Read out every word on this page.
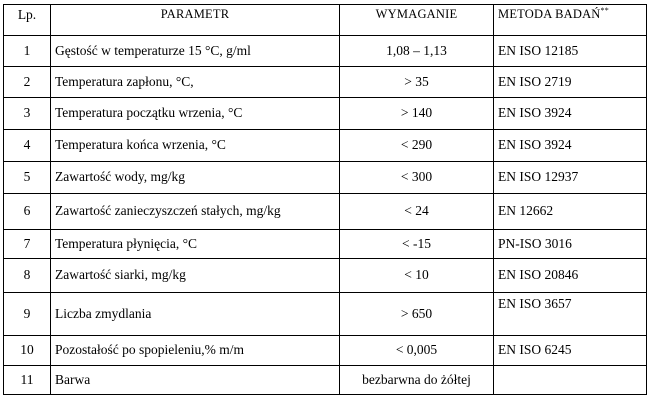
Lp.	PARAMETR	WYMAGANIE	METODA BADAŃ**
1	Gęstość w temperaturze 15 °C, g/ml	1,08 – 1,13	EN ISO 12185
2	Temperatura zapłonu, °C,	> 35	EN ISO 2719
3	Temperatura początku wrzenia, °C	> 140	EN ISO 3924
4	Temperatura końca wrzenia, °C	< 290	EN ISO 3924
5	Zawartość wody, mg/kg	< 300	EN ISO 12937
6	Zawartość zanieczyszczeń stałych, mg/kg	< 24	EN 12662
7	Temperatura płynięcia, °C	< -15	PN-ISO 3016
8	Zawartość siarki, mg/kg	< 10	EN ISO 20846
9	Liczba zmydlania	> 650	EN ISO 3657
10	Pozostałość po spopieleniu,% m/m	< 0,005	EN ISO 6245
11	Barwa	bezbarwna do żółtej	
